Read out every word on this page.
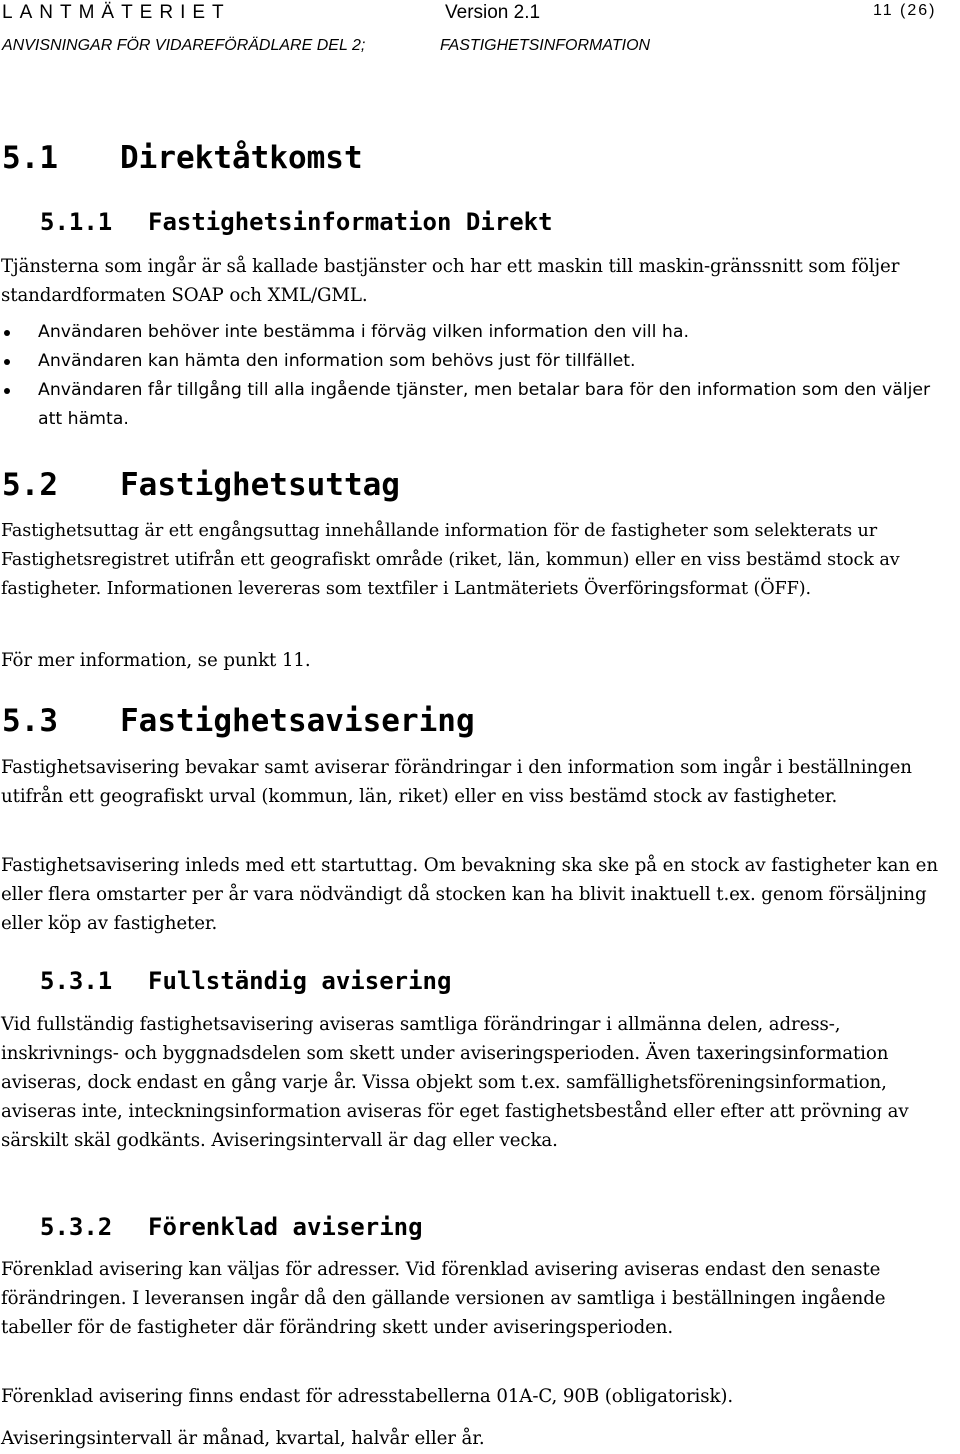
LANTMÄTERIET	Version 2.1	11 (26)
ANVISNINGAR FÖR VIDAREFÖRÄDLARE DEL 2;	FASTIGHETSINFORMATION
5.1 Direktåtkomst
5.1.1 Fastighetsinformation Direkt
Tjänsterna som ingår är så kallade bastjänster och har ett maskin till maskin-gränssnitt som följer standardformaten SOAP och XML/GML.
Användaren behöver inte bestämma i förväg vilken information den vill ha.
Användaren kan hämta den information som behövs just för tillfället.
Användaren får tillgång till alla ingående tjänster, men betalar bara för den information som den väljer att hämta.
5.2 Fastighetsuttag
Fastighetsuttag är ett engångsuttag innehållande information för de fastigheter som selekterats ur Fastighetsregistret utifrån ett geografiskt område (riket, län, kommun) eller en viss bestämd stock av fastigheter. Informationen levereras som textfiler i Lantmäteriets Överföringsformat (ÖFF).
För mer information, se punkt 11.
5.3 Fastighetsavisering
Fastighetsavisering bevakar samt aviserar förändringar i den information som ingår i beställningen utifrån ett geografiskt urval (kommun, län, riket) eller en viss bestämd stock av fastigheter.
Fastighetsavisering inleds med ett startuttag. Om bevakning ska ske på en stock av fastigheter kan en eller flera omstarter per år vara nödvändigt då stocken kan ha blivit inaktuell t.ex. genom försäljning eller köp av fastigheter.
5.3.1 Fullständig avisering
Vid fullständig fastighetsavisering aviseras samtliga förändringar i allmänna delen, adress-, inskrivnings- och byggnadsdelen som skett under aviseringsperioden. Även taxeringsinformation aviseras, dock endast en gång varje år. Vissa objekt som t.ex. samfällighetsföreningsinformation, aviseras inte, inteckningsinformation aviseras för eget fastighetsbestånd eller efter att prövning av särskilt skäl godkänts. Aviseringsintervall är dag eller vecka.
5.3.2 Förenklad avisering
Förenklad avisering kan väljas för adresser. Vid förenklad avisering aviseras endast den senaste förändringen. I leveransen ingår då den gällande versionen av samtliga i beställningen ingående tabeller för de fastigheter där förändring skett under aviseringsperioden.
Förenklad avisering finns endast för adresstabellerna 01A-C, 90B (obligatorisk).
Aviseringsintervall är månad, kvartal, halvår eller år.
